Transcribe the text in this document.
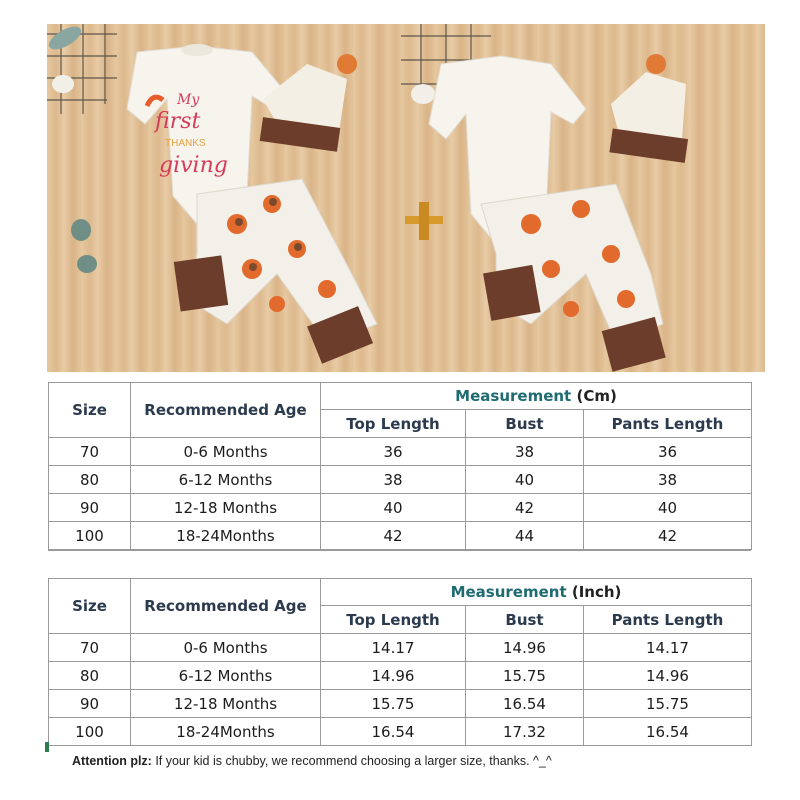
My
first
THANKS
giving
Size	Recommended Age	Measurement (Cm)		
		Top Length	Bust	Pants Length
70	0-6 Months	36	38	36
80	6-12 Months	38	40	38
90	12-18 Months	40	42	40
100	18-24Months	42	44	42
Size	Recommended Age	Measurement (Inch)		
		Top Length	Bust	Pants Length
70	0-6 Months	14.17	14.96	14.17
80	6-12 Months	14.96	15.75	14.96
90	12-18 Months	15.75	16.54	15.75
100	18-24Months	16.54	17.32	16.54
Attention plz: If your kid is chubby, we recommend choosing a larger size, thanks. ^_^
